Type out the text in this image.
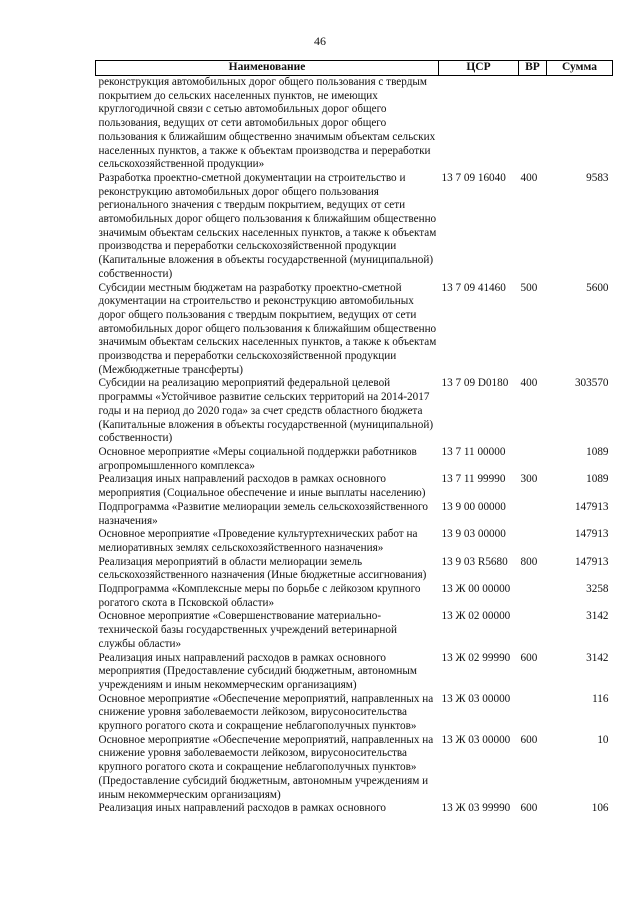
46
Наименование	ЦСР	ВР	Сумма
реконструкция автомобильных дорог общего пользования с твердым покрытием до сельских населенных пунктов, не имеющих круглогодичной связи с сетью автомобильных дорог общего пользования, ведущих от сети автомобильных дорог общего пользования к ближайшим общественно значимым объектам сельских населенных пунктов, а также к объектам производства и переработки сельскохозяйственной продукции»			
Разработка проектно-сметной документации на строительство и реконструкцию автомобильных дорог общего пользования регионального значения с твердым покрытием, ведущих от сети автомобильных дорог общего пользования к ближайшим общественно значимым объектам сельских населенных пунктов, а также к объектам производства и переработки сельскохозяйственной продукции (Капитальные вложения в объекты государственной (муниципальной) собственности)	13 7 09 16040	400	9583
Субсидии местным бюджетам на разработку проектно-сметной документации на строительство и реконструкцию автомобильных дорог общего пользования с твердым покрытием, ведущих от сети автомобильных дорог общего пользования к ближайшим общественно значимым объектам сельских населенных пунктов, а также к объектам производства и переработки сельскохозяйственной продукции (Межбюджетные трансферты)	13 7 09 41460	500	5600
Субсидии на реализацию мероприятий федеральной целевой программы «Устойчивое развитие сельских территорий на 2014-2017 годы и на период до 2020 года» за счет средств областного бюджета (Капитальные вложения в объекты государственной (муниципальной) собственности)	13 7 09 D0180	400	303570
Основное мероприятие «Меры социальной поддержки работников агропромышленного комплекса»	13 7 11 00000		1089
Реализация иных направлений расходов в рамках основного мероприятия (Социальное обеспечение и иные выплаты населению)	13 7 11 99990	300	1089
Подпрограмма «Развитие мелиорации земель сельскохозяйственного назначения»	13 9 00 00000		147913
Основное мероприятие «Проведение культуртехнических работ на мелиоративных землях сельскохозяйственного назначения»	13 9 03 00000		147913
Реализация мероприятий в области мелиорации земель сельскохозяйственного назначения (Иные бюджетные ассигнования)	13 9 03 R5680	800	147913
Подпрограмма «Комплексные меры по борьбе с лейкозом крупного рогатого скота в Псковской области»	13 Ж 00 00000		3258
Основное мероприятие «Совершенствование материально-технической базы государственных учреждений ветеринарной службы области»	13 Ж 02 00000		3142
Реализация иных направлений расходов в рамках основного мероприятия (Предоставление субсидий бюджетным, автономным учреждениям и иным некоммерческим организациям)	13 Ж 02 99990	600	3142
Основное мероприятие «Обеспечение мероприятий, направленных на снижение уровня заболеваемости лейкозом, вирусоносительства крупного рогатого скота и сокращение неблагополучных пунктов»	13 Ж 03 00000		116
Основное мероприятие «Обеспечение мероприятий, направленных на снижение уровня заболеваемости лейкозом, вирусоносительства крупного рогатого скота и сокращение неблагополучных пунктов» (Предоставление субсидий бюджетным, автономным учреждениям и иным некоммерческим организациям)	13 Ж 03 00000	600	10
Реализация иных направлений расходов в рамках основного	13 Ж 03 99990	600	106
